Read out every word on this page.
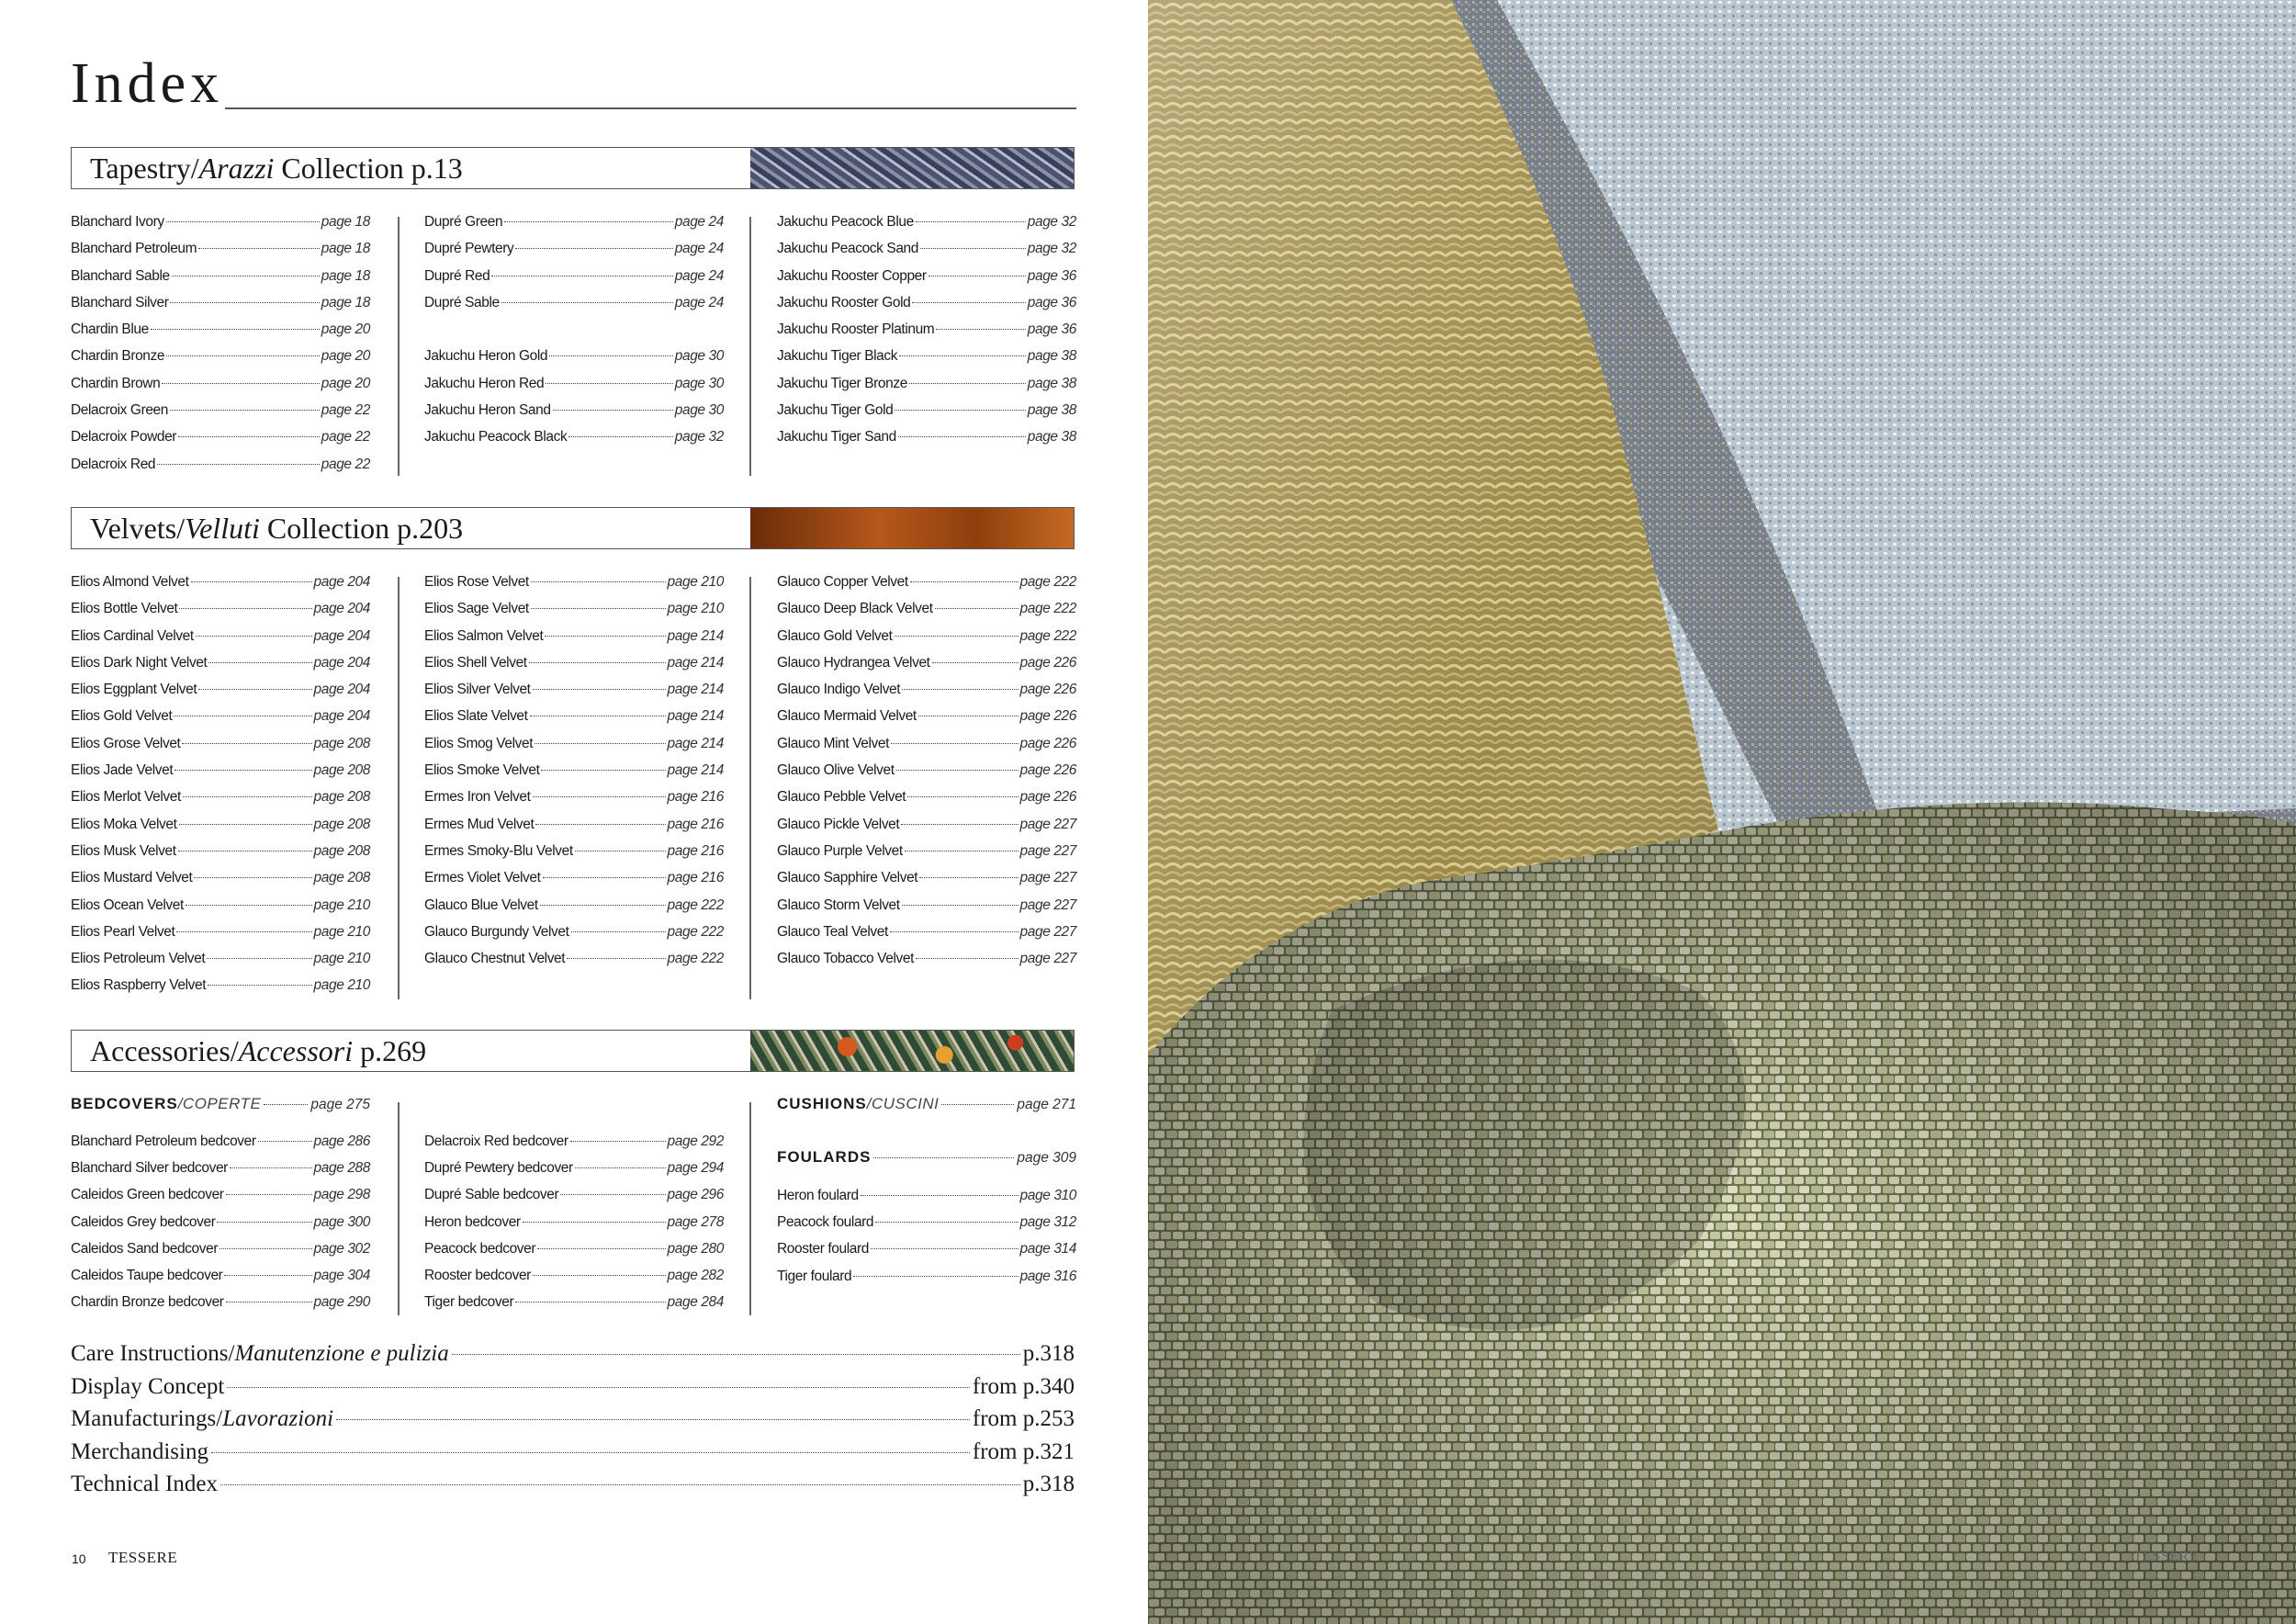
Index
Tapestry/Arazzi Collection p.13
Blanchard Ivory	page 18
Blanchard Petroleum	page 18
Blanchard Sable	page 18
Blanchard Silver	page 18
Chardin Blue	page 20
Chardin Bronze	page 20
Chardin Brown	page 20
Delacroix Green	page 22
Delacroix Powder	page 22
Delacroix Red	page 22
Dupré Green	page 24
Dupré Pewtery	page 24
Dupré Red	page 24
Dupré Sable	page 24
Jakuchu Heron Gold	page 30
Jakuchu Heron Red	page 30
Jakuchu Heron Sand	page 30
Jakuchu Peacock Black	page 32
Jakuchu Peacock Blue	page 32
Jakuchu Peacock Sand	page 32
Jakuchu Rooster Copper	page 36
Jakuchu Rooster Gold	page 36
Jakuchu Rooster Platinum	page 36
Jakuchu Tiger Black	page 38
Jakuchu Tiger Bronze	page 38
Jakuchu Tiger Gold	page 38
Jakuchu Tiger Sand	page 38
Velvets/Velluti Collection p.203
Elios Almond Velvet	page 204
Elios Bottle Velvet	page 204
Elios Cardinal Velvet	page 204
Elios Dark Night Velvet	page 204
Elios Eggplant Velvet	page 204
Elios Gold Velvet	page 204
Elios Grose Velvet	page 208
Elios Jade Velvet	page 208
Elios Merlot Velvet	page 208
Elios Moka Velvet	page 208
Elios Musk Velvet	page 208
Elios Mustard Velvet	page 208
Elios Ocean Velvet	page 210
Elios Pearl Velvet	page 210
Elios Petroleum Velvet	page 210
Elios Raspberry Velvet	page 210
Elios Rose Velvet	page 210
Elios Sage Velvet	page 210
Elios Salmon Velvet	page 214
Elios Shell Velvet	page 214
Elios Silver Velvet	page 214
Elios Slate Velvet	page 214
Elios Smog Velvet	page 214
Elios Smoke Velvet	page 214
Ermes Iron Velvet	page 216
Ermes Mud Velvet	page 216
Ermes Smoky-Blu Velvet	page 216
Ermes Violet Velvet	page 216
Glauco Blue Velvet	page 222
Glauco Burgundy Velvet	page 222
Glauco Chestnut Velvet	page 222
Glauco Copper Velvet	page 222
Glauco Deep Black Velvet	page 222
Glauco Gold Velvet	page 222
Glauco Hydrangea Velvet	page 226
Glauco Indigo Velvet	page 226
Glauco Mermaid Velvet	page 226
Glauco Mint Velvet	page 226
Glauco Olive Velvet	page 226
Glauco Pebble Velvet	page 226
Glauco Pickle Velvet	page 227
Glauco Purple Velvet	page 227
Glauco Sapphire Velvet	page 227
Glauco Storm Velvet	page 227
Glauco Teal Velvet	page 227
Glauco Tobacco Velvet	page 227
Accessories/Accessori p.269
BEDCOVERS /COPERTE	page 275
Blanchard Petroleum bedcover	page 286
Blanchard Silver bedcover	page 288
Caleidos Green bedcover	page 298
Caleidos Grey bedcover	page 300
Caleidos Sand bedcover	page 302
Caleidos Taupe bedcover	page 304
Chardin Bronze bedcover	page 290
Delacroix Red bedcover	page 292
Dupré Pewtery bedcover	page 294
Dupré Sable bedcover	page 296
Heron bedcover	page 278
Peacock bedcover	page 280
Rooster bedcover	page 282
Tiger bedcover	page 284
CUSHIONS /CUSCINI	page 271
FOULARDS	page 309
Heron foulard	page 310
Peacock foulard	page 312
Rooster foulard	page 314
Tiger foulard	page 316
Care Instructions/ Manutenzione e pulizia	p.318
Display Concept	from p.340
Manufacturings/ Lavorazioni	from p.253
Merchandising	from p.321
Technical Index	p.318
10 TESSERE	TESSERE
